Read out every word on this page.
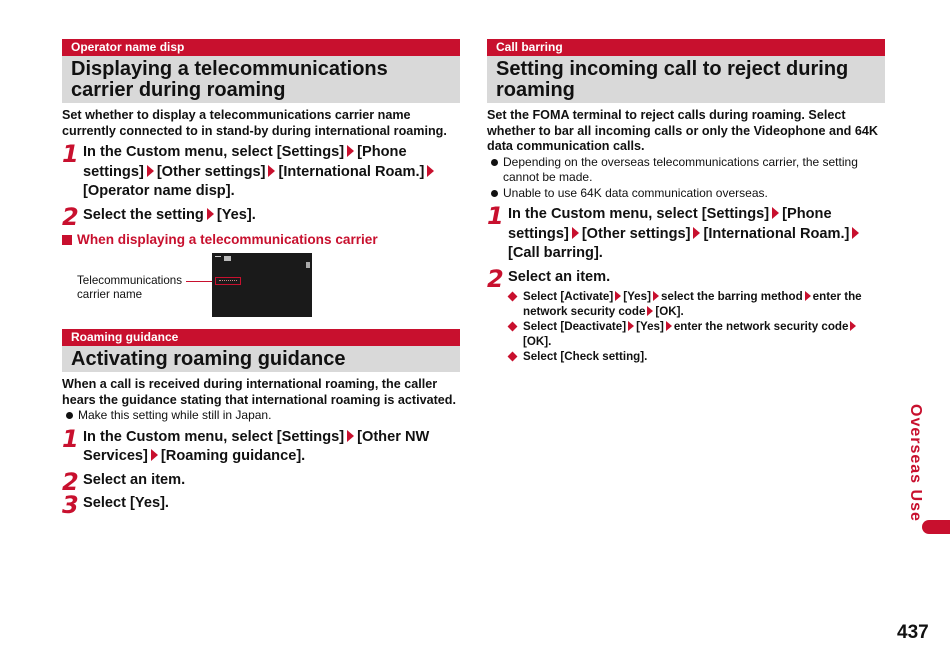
Operator name disp
Displaying a telecommunications carrier during roaming
Set whether to display a telecommunications carrier name currently connected to in stand-by during international roaming.
1 In the Custom menu, select [Settings] [Phone settings] [Other settings] [International Roam.][Operator name disp].
2 Select the setting [Yes].
When displaying a telecommunications carrier
Telecommunications carrier name
Roaming guidance
Activating roaming guidance
When a call is received during international roaming, the caller hears the guidance stating that international roaming is activated.
Make this setting while still in Japan.
1 In the Custom menu, select [Settings] [Other NW Services] [Roaming guidance].
2 Select an item.
3 Select [Yes].
Call barring
Setting incoming call to reject during roaming
Set the FOMA terminal to reject calls during roaming. Select whether to bar all incoming calls or only the Videophone and 64K data communication calls.
Depending on the overseas telecommunications carrier, the setting cannot be made.
Unable to use 64K data communication overseas.
1 In the Custom menu, select [Settings] [Phone settings] [Other settings] [International Roam.][Call barring].
2 Select an item.
Select [Activate] [Yes] select the barring method enter the network security code [OK].
Select [Deactivate] [Yes] enter the network security code[OK].
Select [Check setting].
Overseas Use
437
